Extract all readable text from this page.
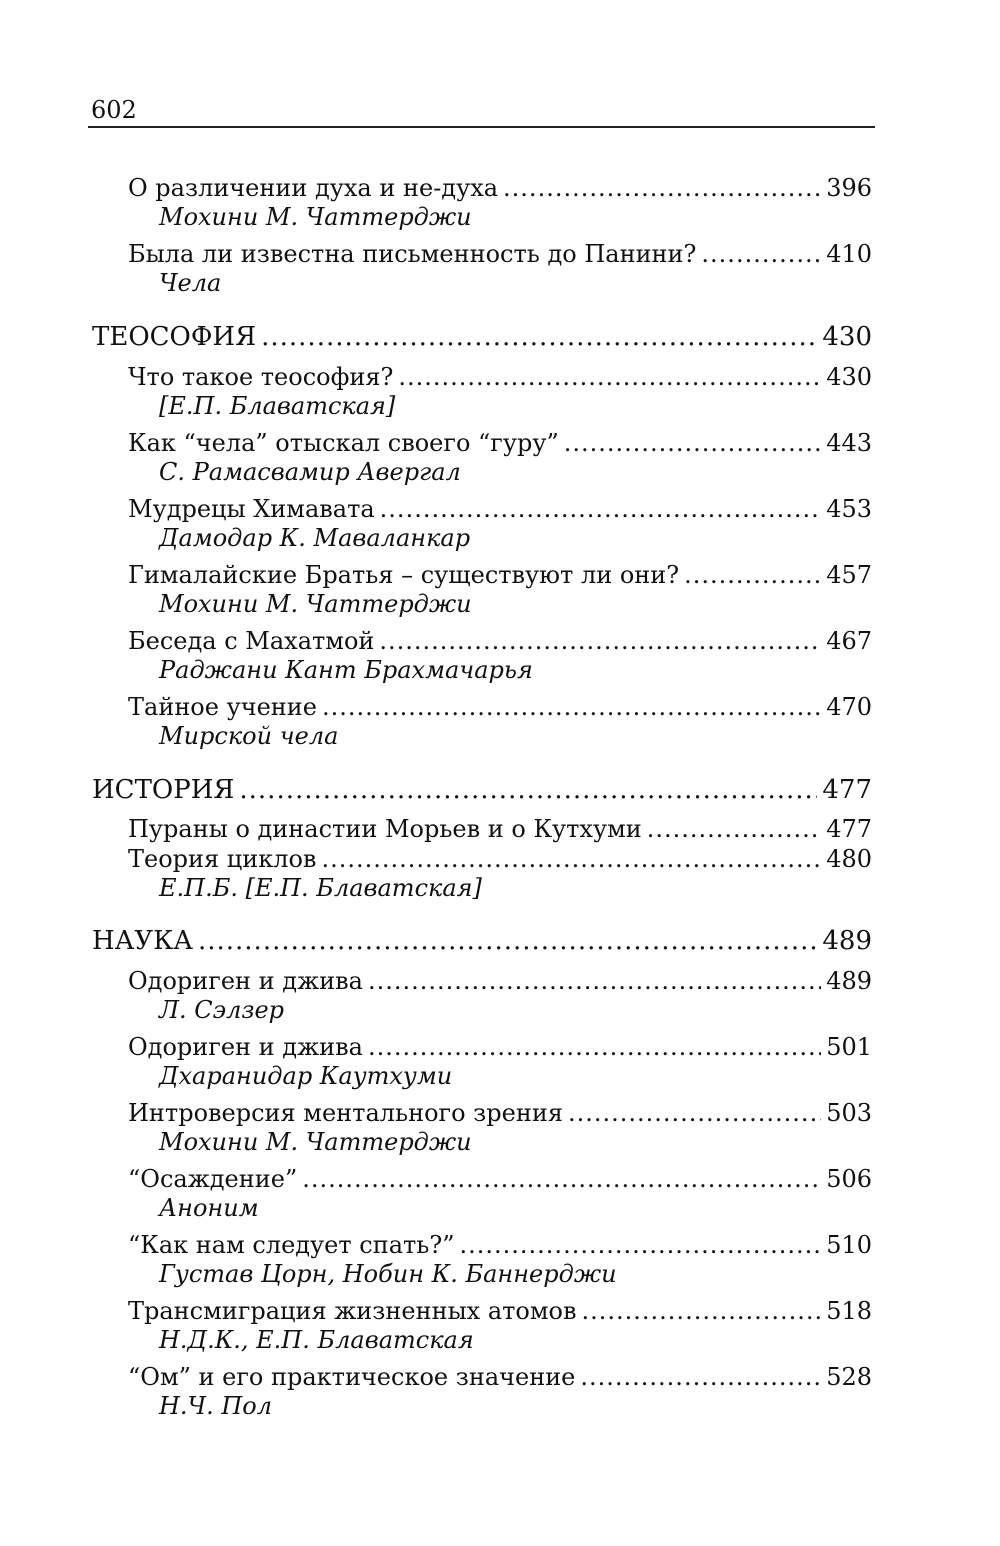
602
О различении духа и не-духа .....	396
Мохини М. Чаттерджи
Была ли известна письменность до Панини? .....	410
Чела
ТЕОСОФИЯ .....	430
Что такое теософия? .....	430
[Е.П. Блаватская]
Как “чела” отыскал своего “гуру” .....	443
С. Рамасвамир Авергал
Мудрецы Химавата .....	453
Дамодар К. Маваланкар
Гималайские Братья – существуют ли они? .....	457
Мохини М. Чаттерджи
Беседа с Махатмой .....	467
Раджани Кант Брахмачарья
Тайное учение .....	470
Мирской чела
ИСТОРИЯ .....	477
Пураны о династии Морьев и о Кутхуми .....	477
Теория циклов .....	480
Е.П.Б. [Е.П. Блаватская]
НАУКА .....	489
Одориген и джива .....	489
Л. Сэлзер
Одориген и джива .....	501
Дхаранидар Каутхуми
Интроверсия ментального зрения .....	503
Мохини М. Чаттерджи
“Осаждение” .....	506
Аноним
“Как нам следует спать?” .....	510
Густав Цорн, Нобин К. Баннерджи
Трансмиграция жизненных атомов .....	518
Н.Д.К., Е.П. Блаватская
“Ом” и его практическое значение .....	528
Н.Ч. Пол
